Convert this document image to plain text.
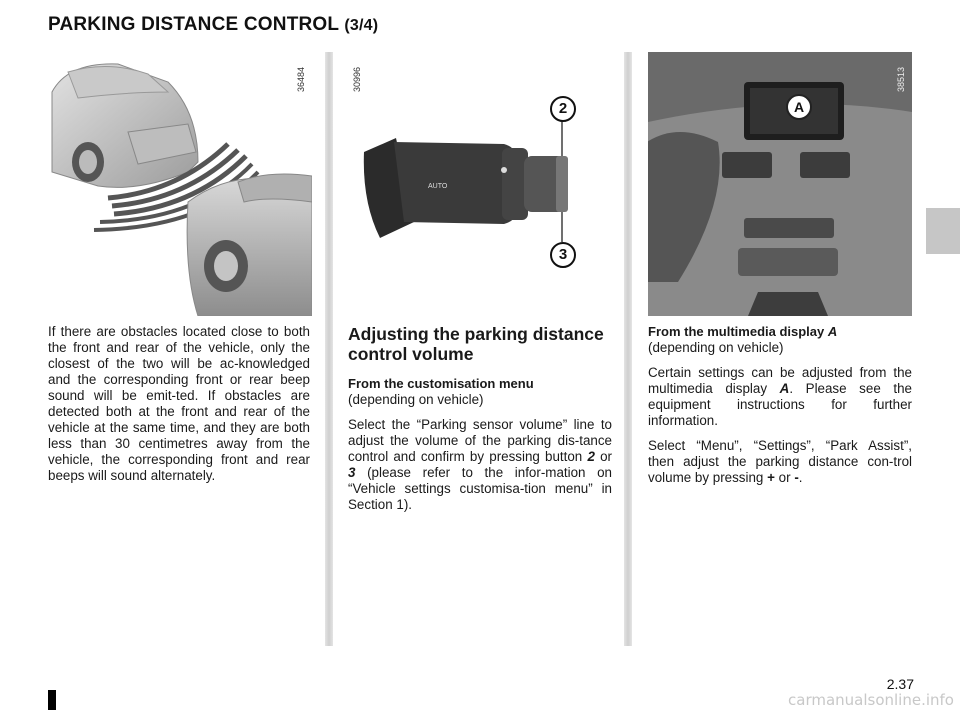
PARKING DISTANCE CONTROL (3/4)
36484
AUTO
2
3
30996
A
38513

If there are obstacles located close to both the front and rear of the vehicle, only the closest of the two will be ac-knowledged and the corresponding front or rear beep sound will be emit-ted. If obstacles are detected both at the front and rear of the vehicle at the same time, and they are both less than 30 centimetres away from the vehicle, the corresponding front and rear beeps will sound alternately.

Adjusting the parking distance control volume
From the customisation menu
(depending on vehicle)

Select the “Parking sensor volume” line to adjust the volume of the parking dis-tance control and confirm by pressing button 2 or 3 (please refer to the infor-mation on “Vehicle settings customisa-tion menu” in Section 1).

From the multimedia display A
(depending on vehicle)

Certain settings can be adjusted from the multimedia display A. Please see the equipment instructions for further information.

Select “Menu”, “Settings”, “Park Assist”, then adjust the parking distance con-trol volume by pressing + or -.

2.37
carmanualsonline.info
